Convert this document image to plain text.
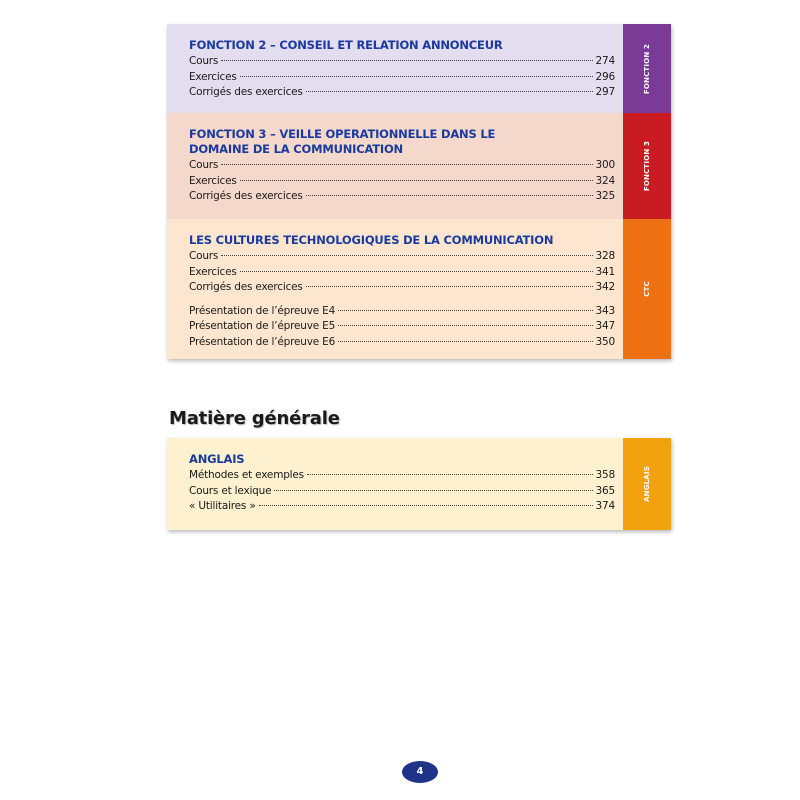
FONCTION 2
FONCTION 2 – CONSEIL ET RELATION ANNONCEUR
Cours	274
Exercices	296
Corrigés des exercices	297
FONCTION 3
FONCTION 3 – VEILLE OPERATIONNELLE DANS LE DOMAINE DE LA COMMUNICATION
Cours	300
Exercices	324
Corrigés des exercices	325
CTC
LES CULTURES TECHNOLOGIQUES DE LA COMMUNICATION
Cours	328
Exercices	341
Corrigés des exercices	342
Présentation de l’épreuve E4	343
Présentation de l’épreuve E5	347
Présentation de l’épreuve E6	350
Matière générale
ANGLAIS
ANGLAIS
Méthodes et exemples	358
Cours et lexique	365
« Utilitaires »	374
4
